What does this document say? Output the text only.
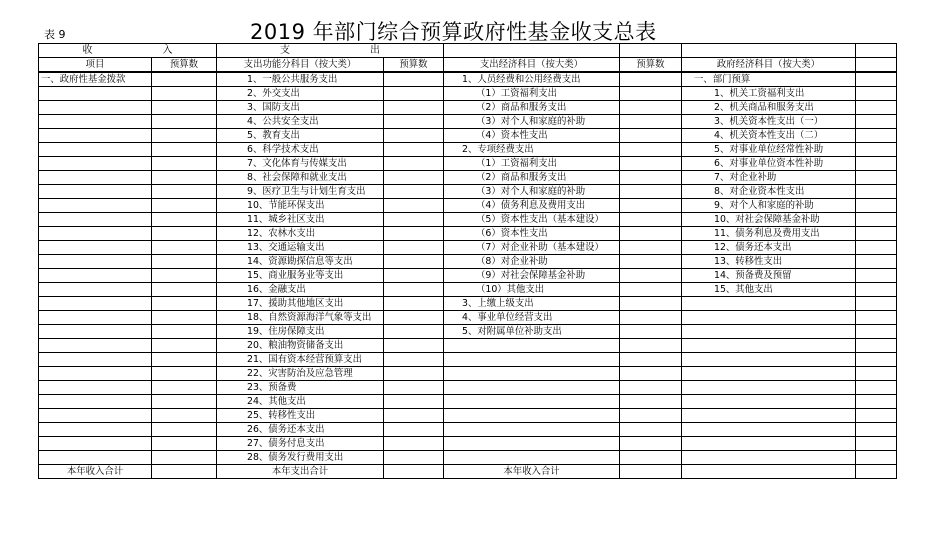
表 9	2019 年部门综合预算政府性基金收支总表
收　　　　　　　入		支　　　　　　　　出					
项目	预算数	支出功能分科目（按大类）	预算数	支出经济科目（按大类）	预算数	政府经济科目（按大类）	
一、政府性基金拨款		1、一般公共服务支出		1、人员经费和公用经费支出		一、部门预算	
		2、外交支出		（1）工资福利支出		1、机关工资福利支出	
		3、国防支出		（2）商品和服务支出		2、机关商品和服务支出	
		4、公共安全支出		（3）对个人和家庭的补助		3、机关资本性支出（一）	
		5、教育支出		（4）资本性支出		4、机关资本性支出（二）	
		6、科学技术支出		2、专项经费支出		5、对事业单位经常性补助	
		7、文化体育与传媒支出		（1）工资福利支出		6、对事业单位资本性补助	
		8、社会保障和就业支出		（2）商品和服务支出		7、对企业补助	
		9、医疗卫生与计划生育支出		（3）对个人和家庭的补助		8、对企业资本性支出	
		10、节能环保支出		（4）债务利息及费用支出		9、对个人和家庭的补助	
		11、城乡社区支出		（5）资本性支出（基本建设）		10、对社会保障基金补助	
		12、农林水支出		（6）资本性支出		11、债务利息及费用支出	
		13、交通运输支出		（7）对企业补助（基本建设）		12、债务还本支出	
		14、资源勘探信息等支出		（8）对企业补助		13、转移性支出	
		15、商业服务业等支出		（9）对社会保障基金补助		14、预备费及预留	
		16、金融支出		（10）其他支出		15、其他支出	
		17、援助其他地区支出		3、上缴上级支出			
		18、自然资源海洋气象等支出		4、事业单位经营支出			
		19、住房保障支出		5、对附属单位补助支出			
		20、粮油物资储备支出					
		21、国有资本经营预算支出					
		22、灾害防治及应急管理					
		23、预备费					
		24、其他支出					
		25、转移性支出					
		26、债务还本支出					
		27、债务付息支出					
		28、债务发行费用支出					
本年收入合计		本年支出合计		本年收入合计			
